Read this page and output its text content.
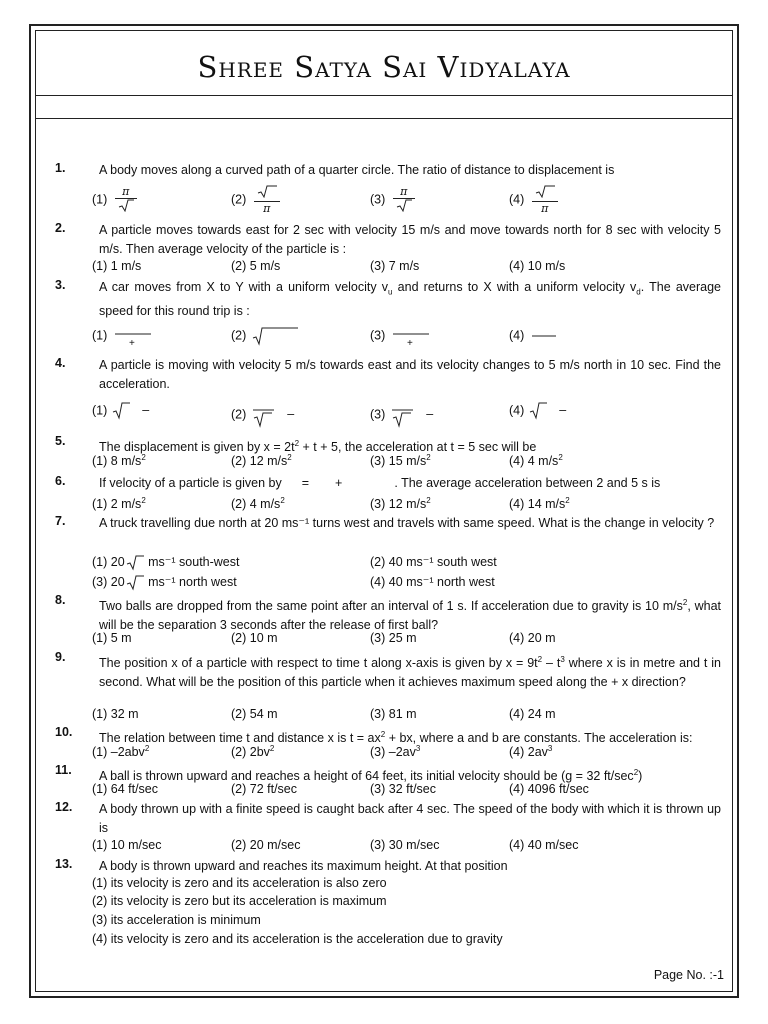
Shree Satya Sai Vidyalaya
1.	A body moves along a curved path of a quarter circle. The ratio of distance to displacement is
(1)
π
(2)
π
(3)
π
(4)
π
2.	A particle moves towards east for 2 sec with velocity 15 m/s and move towards north for 8 sec with velocity 5 m/s. Then average velocity of the particle is :
(1) 1 m/s	(2) 5 m/s	(3) 7 m/s	(4) 10 m/s
3.	A car moves from X to Y with a uniform velocity $v_u$ and returns to X with a uniform velocity $v_d$. The average speed for this round trip is :
(1)
+
(2)	(3)
+
(4)
4.	A particle is moving with velocity 5 m/s towards east and its velocity changes to 5 m/s north in 10 sec. Find the acceleration.
(1)	–	(2)	–	(3)	–	(4)	–
5.	The displacement is given by $x = 2t^2 + t + 5$, the acceleration at t = 5 sec will be
(1) 8 $m/s^2$	(2) 12 $m/s^2$	(3) 15 $m/s^2$	(4) 4 $m/s^2$
6.	If velocity of a particle is given by = +	. The average acceleration between 2 and 5 s is
(1) 2 $m/s^2$	(2) 4 $m/s^2$	(3) 12 $m/s^2$	(4) 14 $m/s^2$
7.	A truck travelling due north at 20 ms⁻¹ turns west and travels with same speed. What is the change in velocity ?
(1) 20 ms⁻¹ south-west	(2) 40 ms⁻¹ south west
(3) 20 ms⁻¹ north west	(4) 40 ms⁻¹ north west
8.	Two balls are dropped from the same point after an interval of 1 s. If acceleration due to gravity is 10 $m/s^2$, what will be the separation 3 seconds after the release of first ball?
(1) 5 m	(2) 10 m	(3) 25 m	(4) 20 m
9.	The position x of a particle with respect to time t along x-axis is given by $x = 9t^2 - t^3$ where x is in metre and t in second. What will be the position of this particle when it achieves maximum speed along the + x direction?
(1) 32 m	(2) 54 m	(3) 81 m	(4) 24 m
10.	The relation between time t and distance x is $t = ax^2$ + bx, where a and b are constants. The acceleration is:
(1) –2abv$^2$	(2) $2bv^2$	(3) $-2av^3$	(4) $2av^3$
11.	A ball is thrown upward and reaches a height of 64 feet, its initial velocity should be (g = 32 $ft/\sec^2$)
(1) 64 ft/sec	(2) 72 ft/sec	(3) 32 ft/sec	(4) 4096 ft/sec
12.	A body thrown up with a finite speed is caught back after 4 sec. The speed of the body with which it is thrown up is
(1) 10 m/sec	(2) 20 m/sec	(3) 30 m/sec	(4) 40 m/sec
13.	A body is thrown upward and reaches its maximum height. At that position
(1) its velocity is zero and its acceleration is also zero
(2) its velocity is zero but its acceleration is maximum
(3) its acceleration is minimum
(4) its velocity is zero and its acceleration is the acceleration due to gravity
Page No. :-1
